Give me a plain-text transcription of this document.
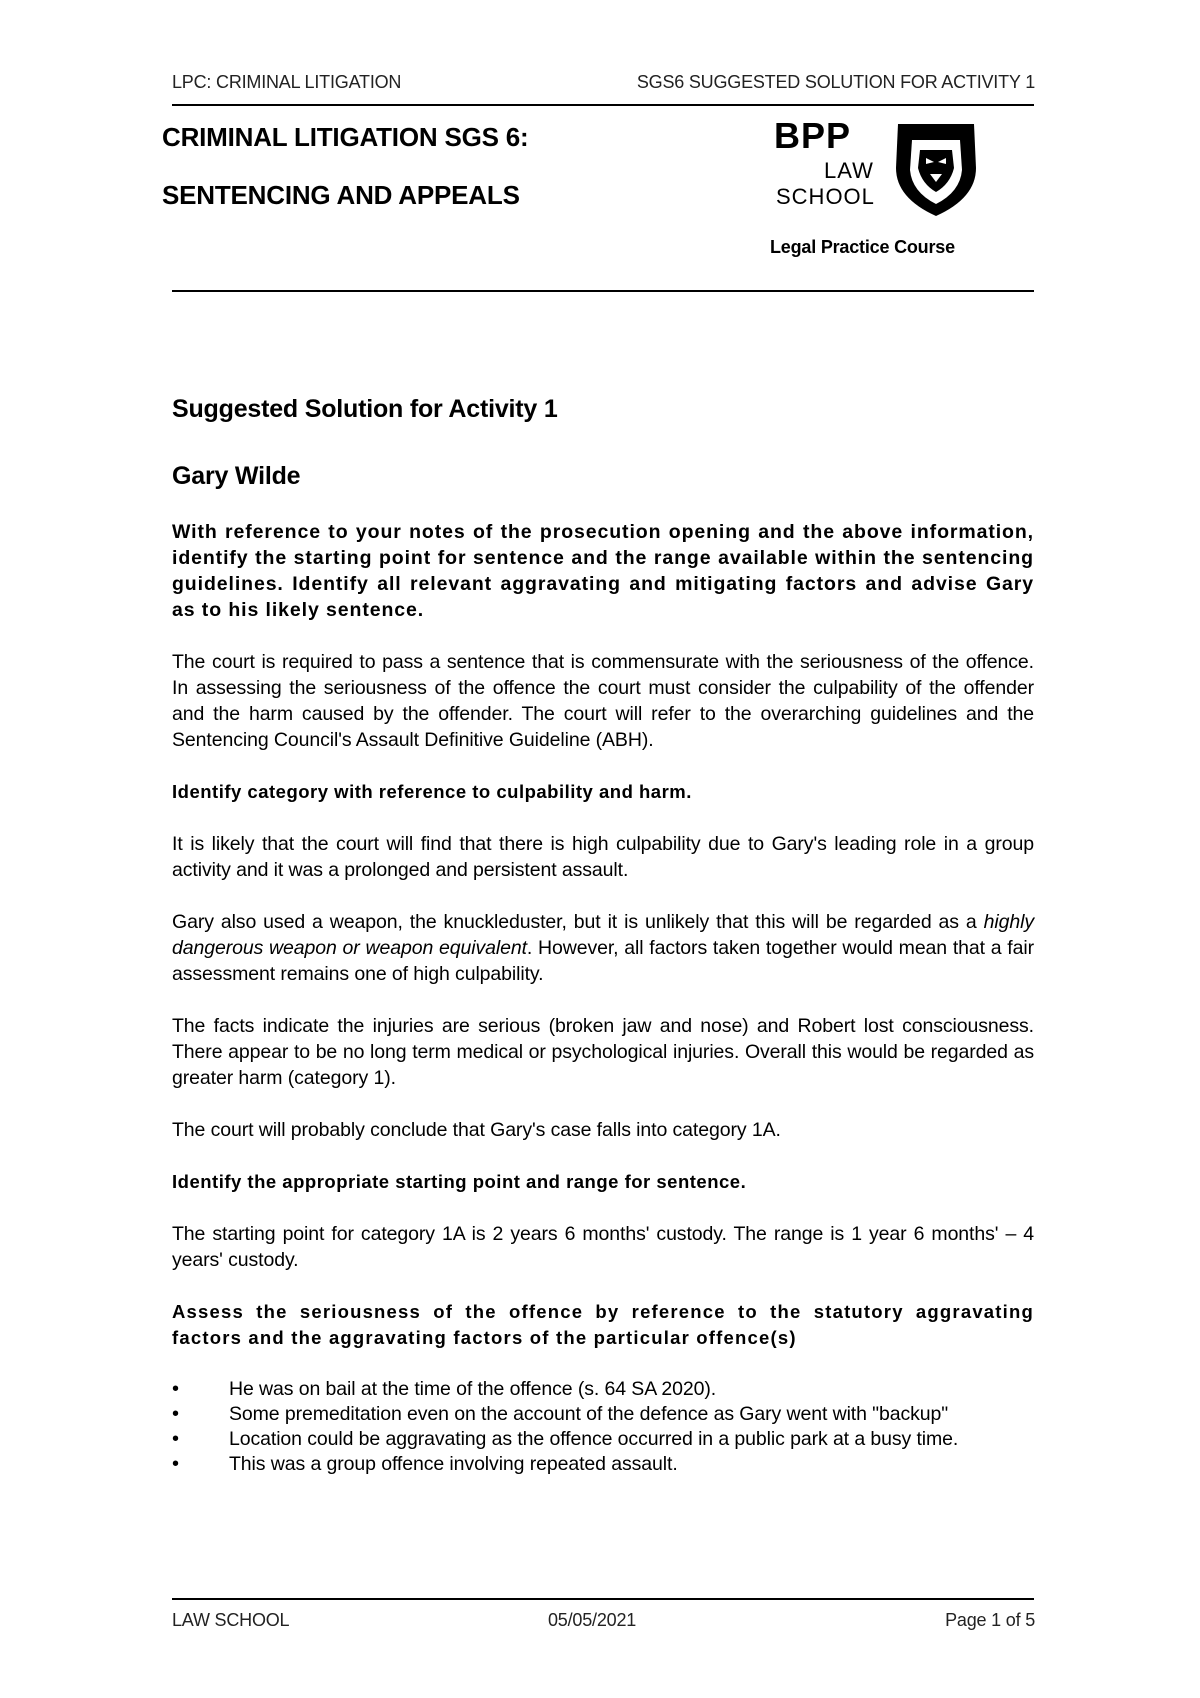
LPC: CRIMINAL LITIGATION	SGS6 SUGGESTED SOLUTION FOR ACTIVITY 1
CRIMINAL LITIGATION SGS 6:
SENTENCING AND APPEALS
BPP
LAW
SCHOOL
Legal Practice Course
Suggested Solution for Activity 1
Gary Wilde

With reference to your notes of the prosecution opening and the above information, identify the starting point for sentence and the range available within the sentencing guidelines. Identify all relevant aggravating and mitigating factors and advise Gary as to his likely sentence.

The court is required to pass a sentence that is commensurate with the seriousness of the offence. In assessing the seriousness of the offence the court must consider the culpability of the offender and the harm caused by the offender. The court will refer to the overarching guidelines and the Sentencing Council's Assault Definitive Guideline (ABH).

Identify category with reference to culpability and harm.

It is likely that the court will find that there is high culpability due to Gary's leading role in a group activity and it was a prolonged and persistent assault.

Gary also used a weapon, the knuckleduster, but it is unlikely that this will be regarded as a highly dangerous weapon or weapon equivalent. However, all factors taken together would mean that a fair assessment remains one of high culpability.

The facts indicate the injuries are serious (broken jaw and nose) and Robert lost consciousness. There appear to be no long term medical or psychological injuries. Overall this would be regarded as greater harm (category 1).

The court will probably conclude that Gary's case falls into category 1A.

Identify the appropriate starting point and range for sentence.

The starting point for category 1A is 2 years 6 months' custody. The range is 1 year 6 months' – 4 years' custody.

Assess the seriousness of the offence by reference to the statutory aggravating factors and the aggravating factors of the particular offence(s)

•	He was on bail at the time of the offence (s. 64 SA 2020).
•	Some premeditation even on the account of the defence as Gary went with "backup"
•	Location could be aggravating as the offence occurred in a public park at a busy time.
•	This was a group offence involving repeated assault.
LAW SCHOOL	05/05/2021	Page 1 of 5
